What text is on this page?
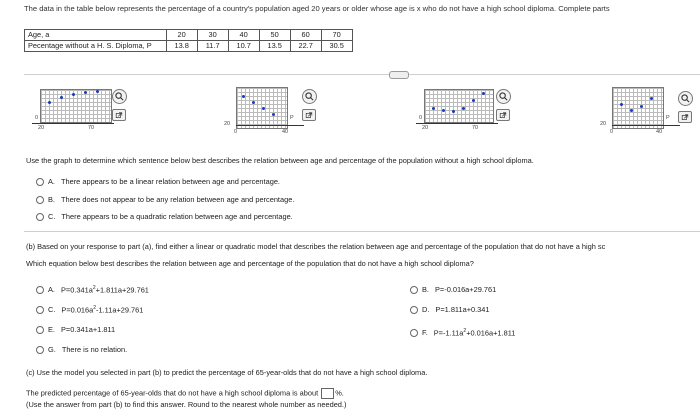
The data in the table below represents the percentage of a country's population aged 20 years or older whose age is x who do not have a high school diploma. Complete parts
Age, a	20	30	40	50	60	70
Pecentage without a H. S. Diploma, P	13.8	11.7	10.7	13.5	22.7	30.5
0
20	70
20
P
0	40
0
20	70
20
P
0	40
Use the graph to determine which sentence below best describes the relation between age and percentage of the population without a high school diploma.
A. There appears to be a linear relation between age and percentage.
B. There does not appear to be any relation between age and percentage.
C. There appears to be a quadratic relation between age and percentage.
(b) Based on your response to part (a), find either a linear or quadratic model that describes the relation between age and percentage of the population that do not have a high sc
Which equation below best describes the relation between age and percentage of the population that do not have a high school diploma?
A. $P=0.341a^2+1.811a+29.761$	B. P=-0.016a+29.761
C. $P=0.016a^2-1.11a+29.761$	D. P=1.811a+0.341
E. P=0.341a+1.811	F. $P=-1.11a^2+0.016a+1.811$
G. There is no relation.
(c) Use the model you selected in part (b) to predict the percentage of 65-year-olds that do not have a high school diploma.
The predicted percentage of 65-year-olds that do not have a high school diploma is about %.
(Use the answer from part (b) to find this answer. Round to the nearest whole number as needed.)
